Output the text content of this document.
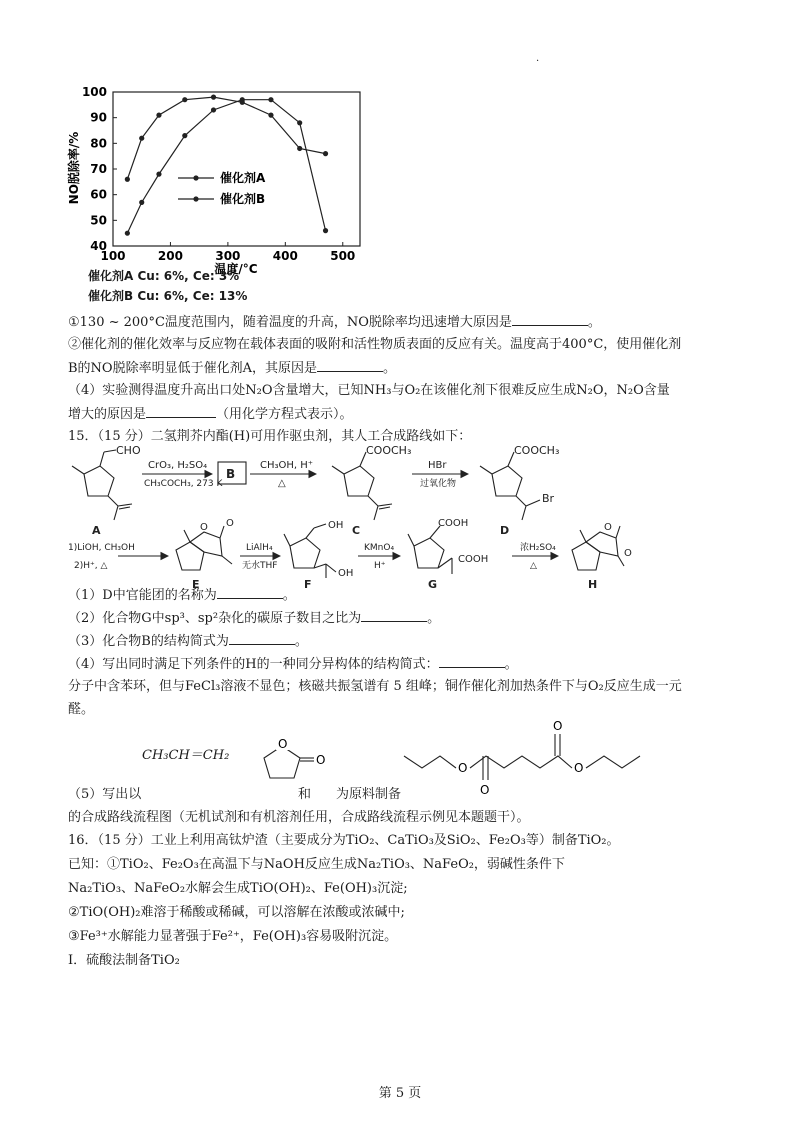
.
40
50
60
70
80
90
100
100	200	300	400	500
NO脱除率/%
温度/°C
催化剂A
催化剂B
催化剂A Cu: 6%, Ce: 3%
催化剂B Cu: 6%, Ce: 13%
①130 ~ 200°C温度范围内，随着温度的升高，NO脱除率均迅速增大原因是	。
②催化剂的催化效率与反应物在载体表面的吸附和活性物质表面的反应有关。温度高于400°C，使用催化剂
B的NO脱除率明显低于催化剂A，其原因是	。
（4）实验测得温度升高出口处N₂O含量增大，已知NH₃与O₂在该催化剂下很难反应生成N₂O，N₂O含量
增大的原因是	（用化学方程式表示）。
15．（15 分）二氢荆芥内酯(H)可用作驱虫剂，其人工合成路线如下：
CHO
A
CrO₃, H₂SO₄
CH₃COCH₃, 273 K
B
CH₃OH, H⁺
△
COOCH₃
C
HBr
过氧化物
COOCH₃
Br
D
1)LiOH, CH₃OH
2)H⁺, △
O O
E
LiAlH₄
无水THF
OH
OH
F
KMnO₄
H⁺
COOH
COOH
G
浓H₂SO₄
△
O
O
H
（1）D中官能团的名称为	。
（2）化合物G中sp³、sp²杂化的碳原子数目之比为	。
（3）化合物B的结构简式为	。
（4）写出同时满足下列条件的H的一种同分异构体的结构简式：	。
分子中含苯环，但与FeCl₃溶液不显色；核磁共振氢谱有 5 组峰；铜作催化剂加热条件下与O₂反应生成一元
醛。
CH₃CH＝CH₂
O
O
O
O
O
O
（5）写出以	和 为原料制备
的合成路线流程图（无机试剂和有机溶剂任用，合成路线流程示例见本题题干）。
16．（15 分）工业上利用高钛炉渣（主要成分为TiO₂、CaTiO₃及SiO₂、Fe₂O₃等）制备TiO₂。
已知：①TiO₂、Fe₂O₃在高温下与NaOH反应生成Na₂TiO₃、NaFeO₂，弱碱性条件下
Na₂TiO₃、NaFeO₂水解会生成TiO(OH)₂、Fe(OH)₃沉淀;
②TiO(OH)₂难溶于稀酸或稀碱，可以溶解在浓酸或浓碱中;
③Fe³⁺水解能力显著强于Fe²⁺，Fe(OH)₃容易吸附沉淀。
Ⅰ．硫酸法制备TiO₂
第 5 页
